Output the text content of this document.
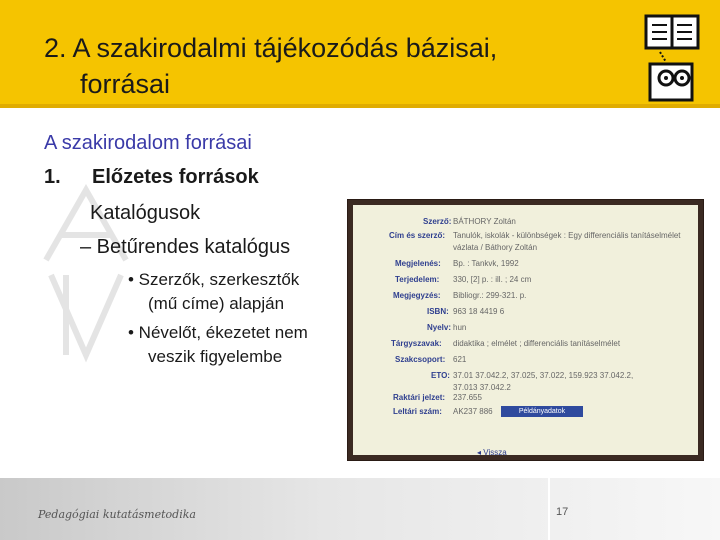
2. A szakirodalmi tájékozódás bázisai,
forrásai
A szakirodalom forrásai
1. Előzetes források
Katalógusok
– Betűrendes katalógus
• Szerzők, szerkesztők
(mű címe) alapján
• Névelőt, ékezetet nem
veszik figyelembe
Szerző: BÁTHORY Zoltán
Cím és szerző: Tanulók, iskolák - különbségek : Egy differenciális tanításelmélet
vázlata / Báthory Zoltán
Megjelenés: Bp. : Tankvk, 1992
Terjedelem: 330, [2] p. : ill. ; 24 cm
Megjegyzés: Bibliogr.: 299-321. p.
ISBN: 963 18 4419 6
Nyelv: hun
Tárgyszavak: didaktika ; elmélet ; differenciális tanításelmélet
Szakcsoport: 621
ETO: 37.01 37.042.2, 37.025, 37.022, 159.923 37.042.2,
37.013 37.042.2
Raktári jelzet: 237.655
Leltári szám: AK237 886	Példányadatok
◂ Vissza
Pedagógiai kutatásmetodika	17
